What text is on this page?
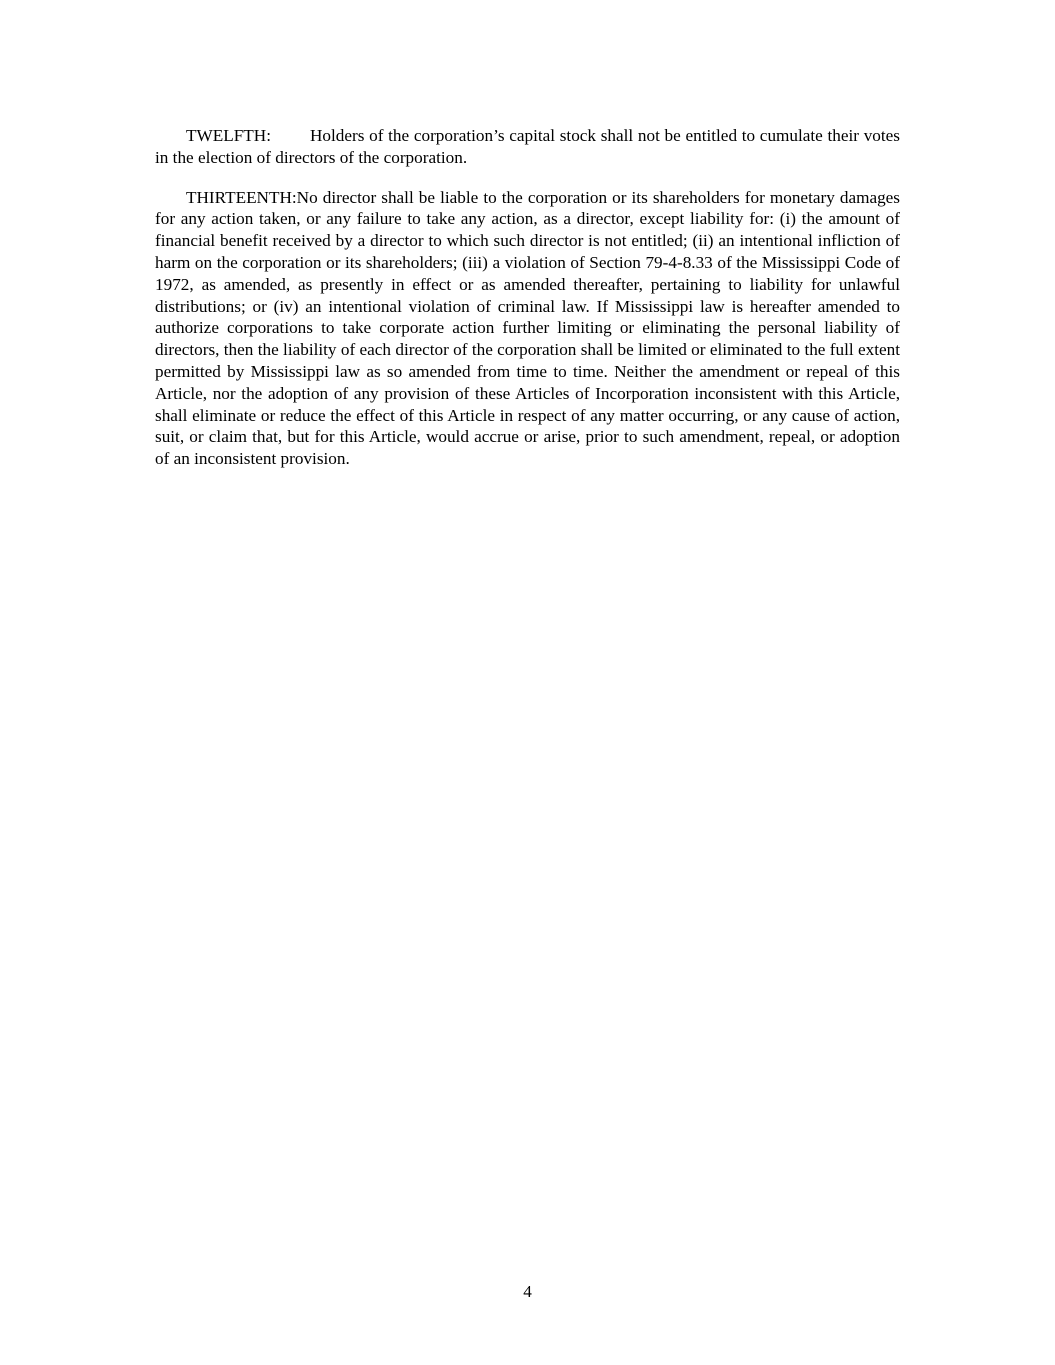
TWELFTH: Holders of the corporation’s capital stock shall not be entitled to cumulate their votes in the election of directors of the corporation.

THIRTEENTH:No director shall be liable to the corporation or its shareholders for monetary damages for any action taken, or any failure to take any action, as a director, except liability for: (i) the amount of financial benefit received by a director to which such director is not entitled; (ii) an intentional infliction of harm on the corporation or its shareholders; (iii) a violation of Section 79-4-8.33 of the Mississippi Code of 1972, as amended, as presently in effect or as amended thereafter, pertaining to liability for unlawful distributions; or (iv) an intentional violation of criminal law. If Mississippi law is hereafter amended to authorize corporations to take corporate action further limiting or eliminating the personal liability of directors, then the liability of each director of the corporation shall be limited or eliminated to the full extent permitted by Mississippi law as so amended from time to time. Neither the amendment or repeal of this Article, nor the adoption of any provision of these Articles of Incorporation inconsistent with this Article, shall eliminate or reduce the effect of this Article in respect of any matter occurring, or any cause of action, suit, or claim that, but for this Article, would accrue or arise, prior to such amendment, repeal, or adoption of an inconsistent provision.

4
